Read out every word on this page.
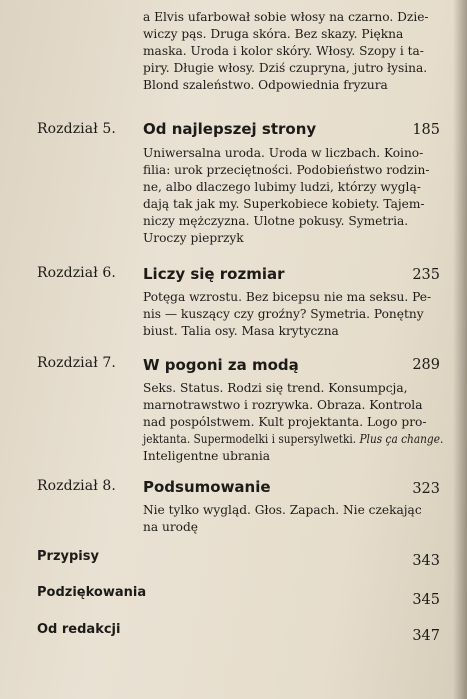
a Elvis ufarbował sobie włosy na czarno. Dzie-
wiczy pąs. Druga skóra. Bez skazy. Piękna
maska. Uroda i kolor skóry. Włosy. Szopy i ta-
piry. Długie włosy. Dziś czupryna, jutro łysina.
Blond szaleństwo. Odpowiednia fryzura
Rozdział 5. Od najlepszej strony	185
Uniwersalna uroda. Uroda w liczbach. Koino-
filia: urok przeciętności. Podobieństwo rodzin-
ne, albo dlaczego lubimy ludzi, którzy wyglą-
dają tak jak my. Superkobiece kobiety. Tajem-
niczy mężczyzna. Ulotne pokusy. Symetria.
Uroczy pieprzyk
Rozdział 6. Liczy się rozmiar	235
Potęga wzrostu. Bez bicepsu nie ma seksu. Pe-
nis — kuszący czy groźny? Symetria. Ponętny
biust. Talia osy. Masa krytyczna
Rozdział 7. W pogoni za modą	289
Seks. Status. Rodzi się trend. Konsumpcja,
marnotrawstwo i rozrywka. Obraza. Kontrola
nad pospólstwem. Kult projektanta. Logo pro-
jektanta. Supermodelki i supersylwetki. Plus ça change.
Inteligentne ubrania
Rozdział 8. Podsumowanie	323
Nie tylko wygląd. Głos. Zapach. Nie czekając
na urodę
Przypisy	343
Podziękowania	345
Od redakcji	347
